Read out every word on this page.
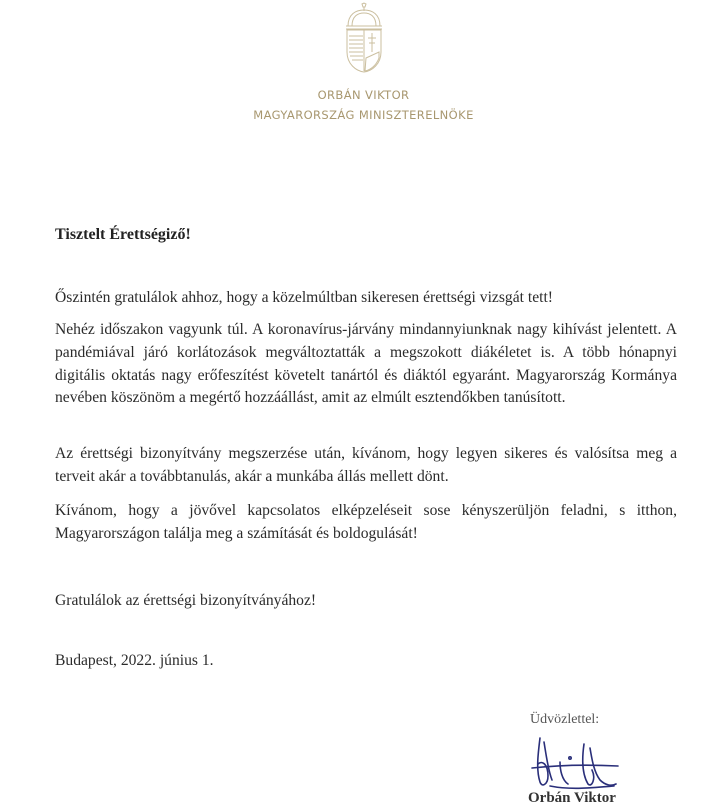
ORBÁN VIKTOR
MAGYARORSZÁG MINISZTERELNÖKE
Tisztelt Érettségiző!

Őszintén gratulálok ahhoz, hogy a közelmúltban sikeresen érettségi vizsgát tett!

Nehéz időszakon vagyunk túl. A koronavírus-járvány mindannyiunknak nagy kihívást jelentett. A pandémiával járó korlátozások megváltoztatták a megszokott diákéletet is. A több hónapnyi digitális oktatás nagy erőfeszítést követelt tanártól és diáktól egyaránt. Magyarország Kormánya nevében köszönöm a megértő hozzáállást, amit az elmúlt esztendőkben tanúsított.

Az érettségi bizonyítvány megszerzése után, kívánom, hogy legyen sikeres és valósítsa meg a terveit akár a továbbtanulás, akár a munkába állás mellett dönt.

Kívánom, hogy a jövővel kapcsolatos elképzeléseit sose kényszerüljön feladni, s itthon, Magyarországon találja meg a számítását és boldogulását!

Gratulálok az érettségi bizonyítványához!

Budapest, 2022. június 1.

Üdvözlettel:
Orbán Viktor
